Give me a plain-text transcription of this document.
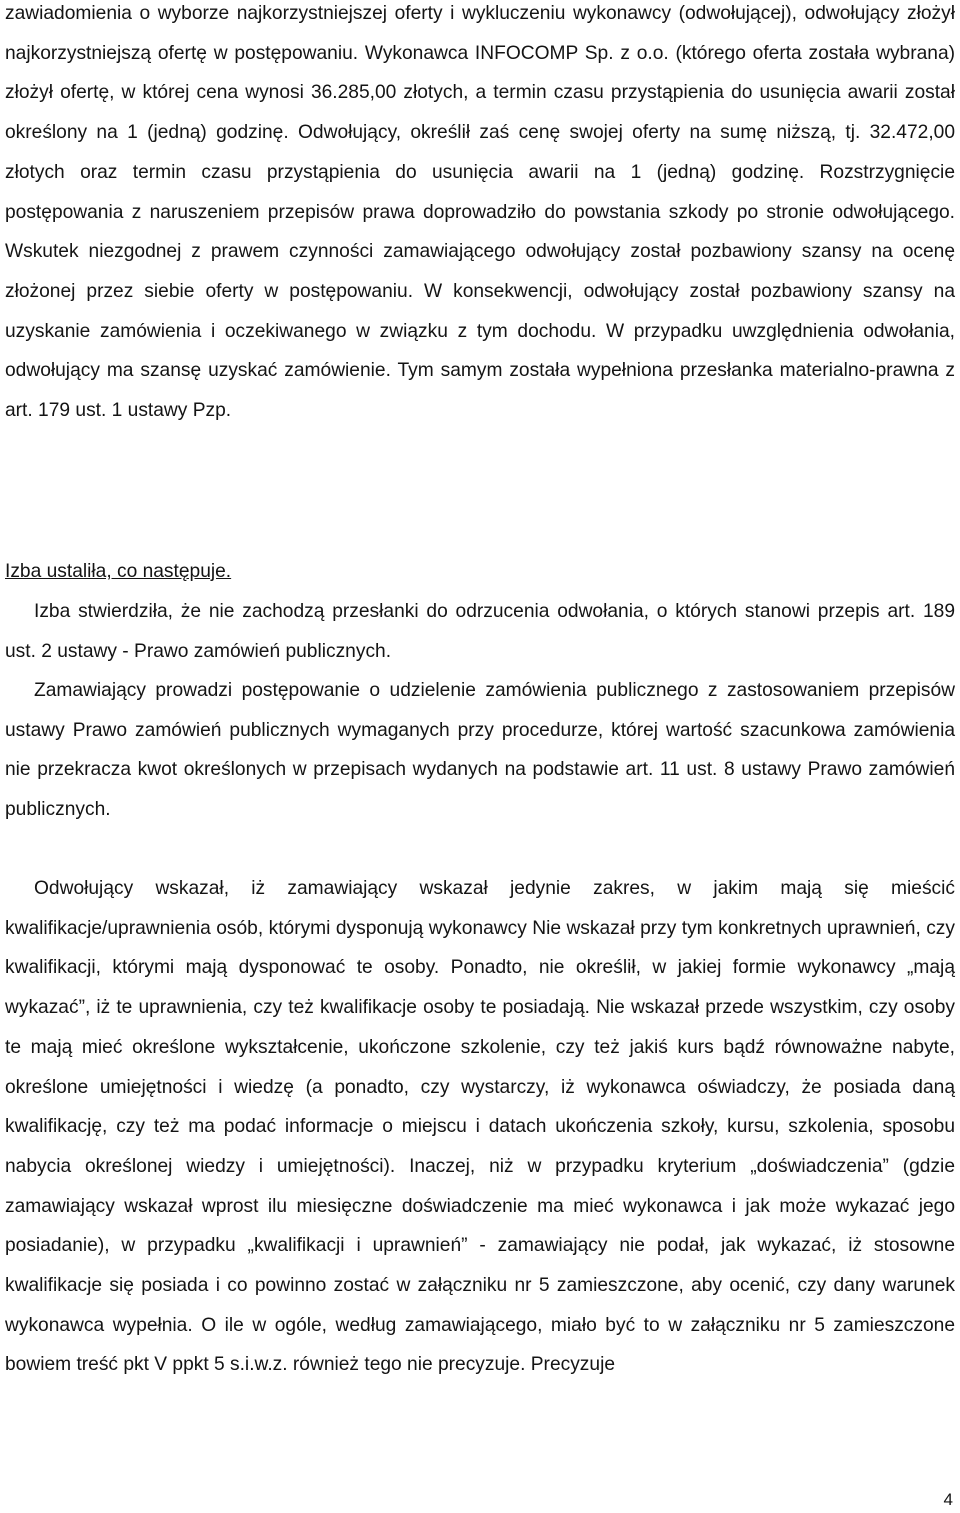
zawiadomienia o wyborze najkorzystniejszej oferty i wykluczeniu wykonawcy (odwołującej), odwołujący złożył najkorzystniejszą ofertę w postępowaniu. Wykonawca INFOCOMP Sp. z o.o. (którego oferta została wybrana) złożył ofertę, w której cena wynosi 36.285,00 złotych, a termin czasu przystąpienia do usunięcia awarii został określony na 1 (jedną) godzinę. Odwołujący, określił zaś cenę swojej oferty na sumę niższą, tj. 32.472,00 złotych oraz termin czasu przystąpienia do usunięcia awarii na 1 (jedną) godzinę. Rozstrzygnięcie postępowania z naruszeniem przepisów prawa doprowadziło do powstania szkody po stronie odwołującego. Wskutek niezgodnej z prawem czynności zamawiającego odwołujący został pozbawiony szansy na ocenę złożonej przez siebie oferty w postępowaniu. W konsekwencji, odwołujący został pozbawiony szansy na uzyskanie zamówienia i oczekiwanego w związku z tym dochodu. W przypadku uwzględnienia odwołania, odwołujący ma szansę uzyskać zamówienie. Tym samym została wypełniona przesłanka materialno-prawna z art. 179 ust. 1 ustawy Pzp.

Izba ustaliła, co następuje.

Izba stwierdziła, że nie zachodzą przesłanki do odrzucenia odwołania, o których stanowi przepis art. 189 ust. 2 ustawy - Prawo zamówień publicznych.

Zamawiający prowadzi postępowanie o udzielenie zamówienia publicznego z zastosowaniem przepisów ustawy Prawo zamówień publicznych wymaganych przy procedurze, której wartość szacunkowa zamówienia nie przekracza kwot określonych w przepisach wydanych na podstawie art. 11 ust. 8 ustawy Prawo zamówień publicznych.

Odwołujący wskazał, iż zamawiający wskazał jedynie zakres, w jakim mają się mieścić kwalifikacje/uprawnienia osób, którymi dysponują wykonawcy Nie wskazał przy tym konkretnych uprawnień, czy kwalifikacji, którymi mają dysponować te osoby. Ponadto, nie określił, w jakiej formie wykonawcy „mają wykazać”, iż te uprawnienia, czy też kwalifikacje osoby te posiadają. Nie wskazał przede wszystkim, czy osoby te mają mieć określone wykształcenie, ukończone szkolenie, czy też jakiś kurs bądź równoważne nabyte, określone umiejętności i wiedzę (a ponadto, czy wystarczy, iż wykonawca oświadczy, że posiada daną kwalifikację, czy też ma podać informacje o miejscu i datach ukończenia szkoły, kursu, szkolenia, sposobu nabycia określonej wiedzy i umiejętności). Inaczej, niż w przypadku kryterium „doświadczenia” (gdzie zamawiający wskazał wprost ilu miesięczne doświadczenie ma mieć wykonawca i jak może wykazać jego posiadanie), w przypadku „kwalifikacji i uprawnień” - zamawiający nie podał, jak wykazać, iż stosowne kwalifikacje się posiada i co powinno zostać w załączniku nr 5 zamieszczone, aby ocenić, czy dany warunek wykonawca wypełnia. O ile w ogóle, według zamawiającego, miało być to w załączniku nr 5 zamieszczone bowiem treść pkt V ppkt 5 s.i.w.z. również tego nie precyzuje. Precyzuje

4
